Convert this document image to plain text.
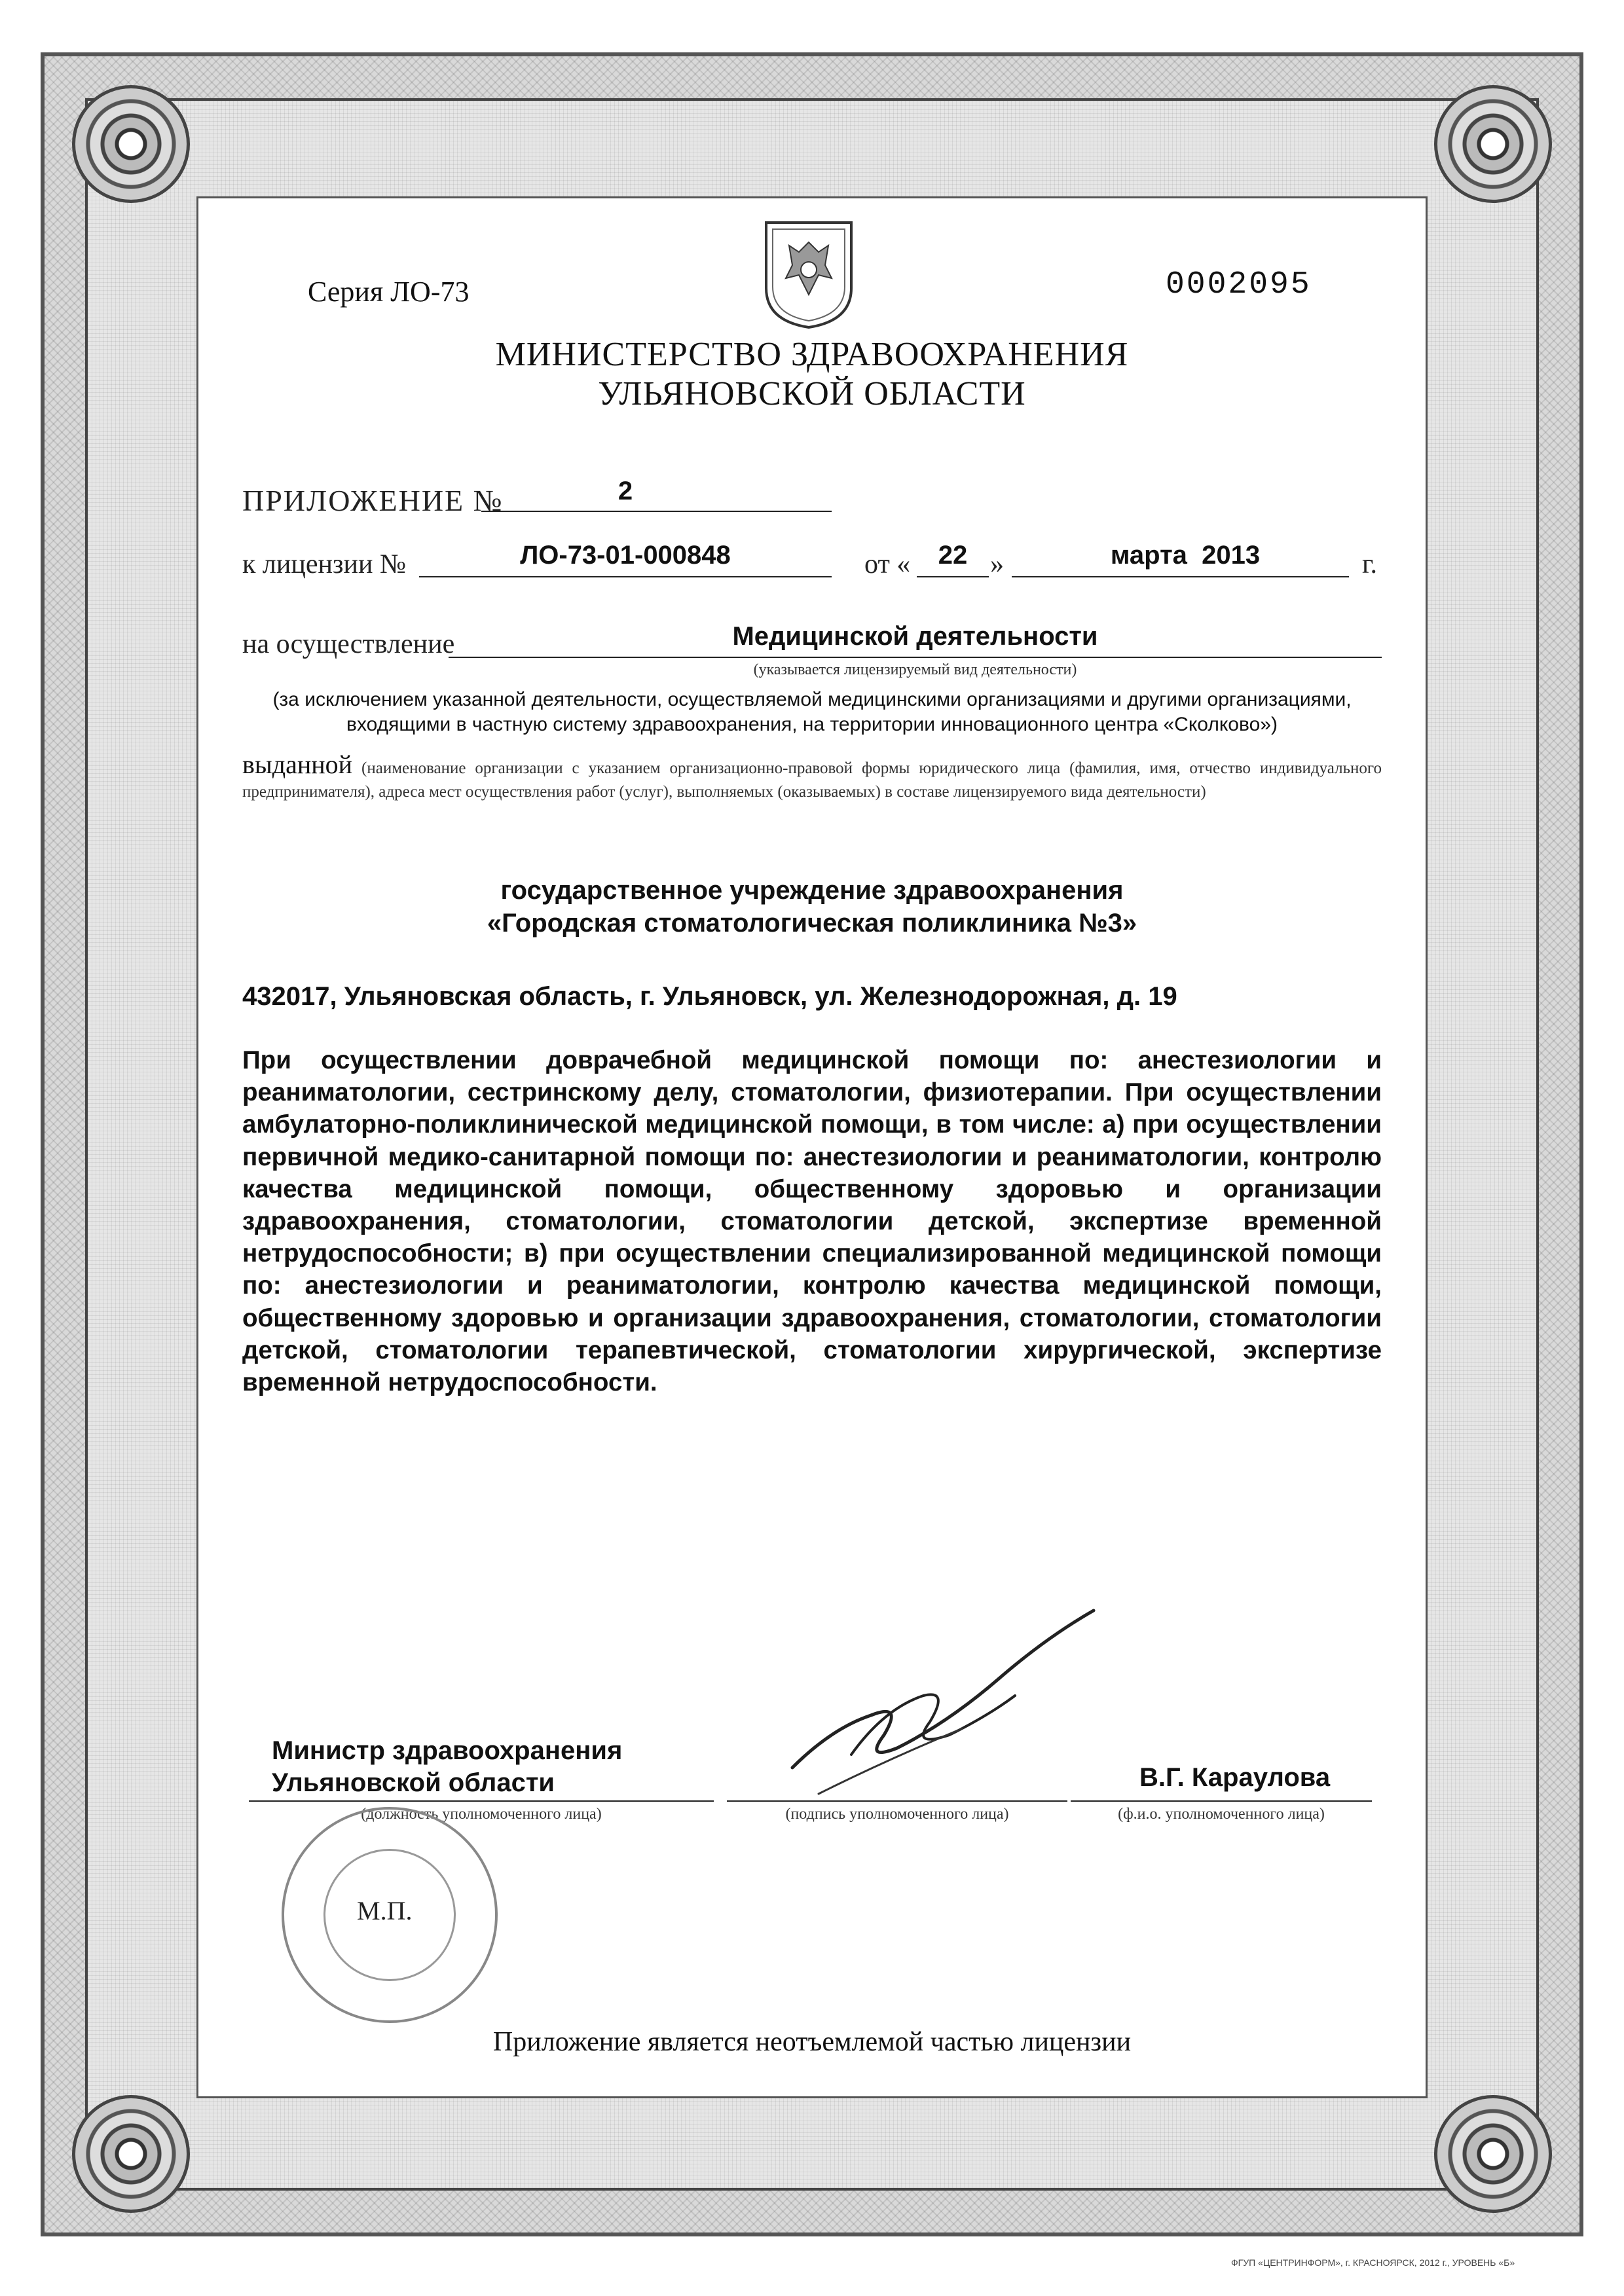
Серия ЛО-73	0002095
МИНИСТЕРСТВО ЗДРАВООХРАНЕНИЯ
УЛЬЯНОВСКОЙ ОБЛАСТИ
ПРИЛОЖЕНИЕ №	2
к лицензии №	ЛО-73-01-000848	от «	22 »	марта  2013	г.
на осуществление	Медицинской деятельности
(указывается лицензируемый вид деятельности)
(за исключением указанной деятельности, осуществляемой медицинскими организациями и другими организациями,
входящими в частную систему здравоохранения, на территории инновационного центра «Сколково»)
выданной (наименование организации с указанием организационно-правовой формы юридического лица (фамилия, имя, отчество индивидуального предпринимателя), адреса мест осуществления работ (услуг), выполняемых (оказываемых) в составе лицензируемого вида деятельности)
государственное учреждение здравоохранения
«Городская стоматологическая поликлиника №3»
432017, Ульяновская область, г. Ульяновск, ул. Железнодорожная, д. 19
При осуществлении доврачебной медицинской помощи по: анестезиологии и реаниматологии, сестринскому делу, стоматологии, физиотерапии. При осуществлении амбулаторно-поликлинической медицинской помощи, в том числе: а) при осуществлении первичной медико-санитарной помощи по: анестезиологии и реаниматологии, контролю качества медицинской помощи, общественному здоровью и организации здравоохранения, стоматологии, стоматологии детской, экспертизе временной нетрудоспособности; в) при осуществлении специализированной медицинской помощи по: анестезиологии и реаниматологии, контролю качества медицинской помощи, общественному здоровью и организации здравоохранения, стоматологии, стоматологии детской, стоматологии терапевтической, стоматологии хирургической, экспертизе временной нетрудоспособности.
Министр здравоохранения
Ульяновской области
(должность уполномоченного лица)	(подпись уполномоченного лица)
В.Г. Караулова
(ф.и.о. уполномоченного лица)
М.П.
Приложение является неотъемлемой частью лицензии
ФГУП «ЦЕНТРИНФОРМ», г. КРАСНОЯРСК, 2012 г., УРОВЕНЬ «Б»
